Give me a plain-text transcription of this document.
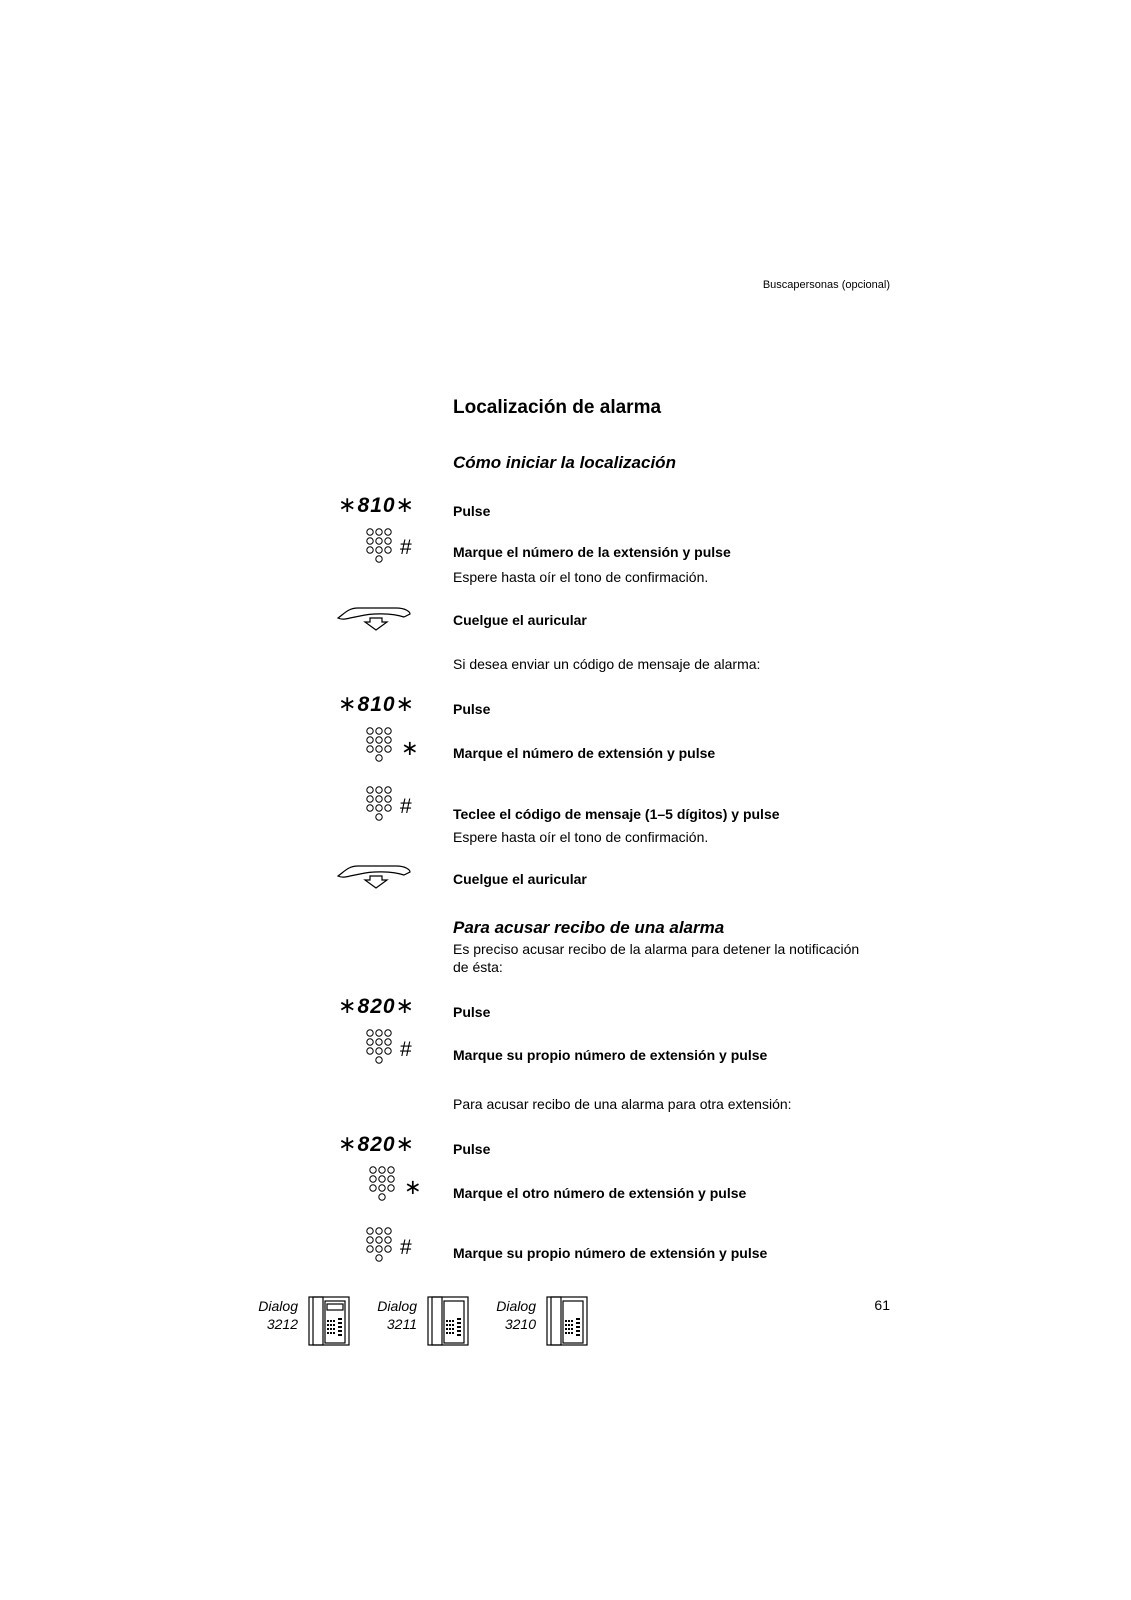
Buscapersonas (opcional)
Localización de alarma
Cómo iniciar la localización
∗810∗	Pulse
#	Marque el número de la extensión y pulse
Espere hasta oír el tono de confirmación.
Cuelgue el auricular
Si desea enviar un código de mensaje de alarma:
∗810∗	Pulse
∗ Marque el número de extensión y pulse
#	Teclee el código de mensaje (1–5 dígitos) y pulse
Espere hasta oír el tono de confirmación.
Cuelgue el auricular
Para acusar recibo de una alarma
Es preciso acusar recibo de la alarma para detener la notificación de ésta:
∗820∗	Pulse
#	Marque su propio número de extensión y pulse
Para acusar recibo de una alarma para otra extensión:
∗820∗	Pulse
∗ Marque el otro número de extensión y pulse
#	Marque su propio número de extensión y pulse
Dialog
3212
Dialog
3211
Dialog
3210
61
